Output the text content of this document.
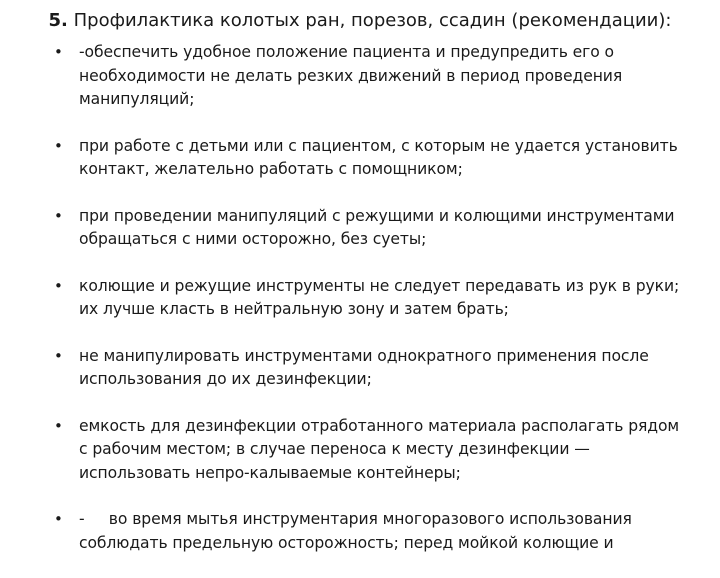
5. Профилактика колотых ран, порезов, ссадин (рекомендации):
• -обеспечить удобное положение пациента и предупредить его о необходимости не делать резких движений в период проведения манипуляций;
• при работе с детьми или с пациентом, с которым не удается установить контакт, желательно работать с помощником;
• при проведении манипуляций с режущими и колющими инструментами обращаться с ними осторожно, без суеты;
• колющие и режущие инструменты не следует передавать из рук в руки; их лучше класть в нейтральную зону и затем брать;
• не манипулировать инструментами однократного применения после использования до их дезинфекции;
• емкость для дезинфекции отработанного материала располагать рядом с рабочим местом; в случае переноса к месту дезинфекции — использовать непро-калываемые контейнеры;
• -     во время мытья инструментария многоразового использования соблюдать предельную осторожность; перед мойкой колющие и
